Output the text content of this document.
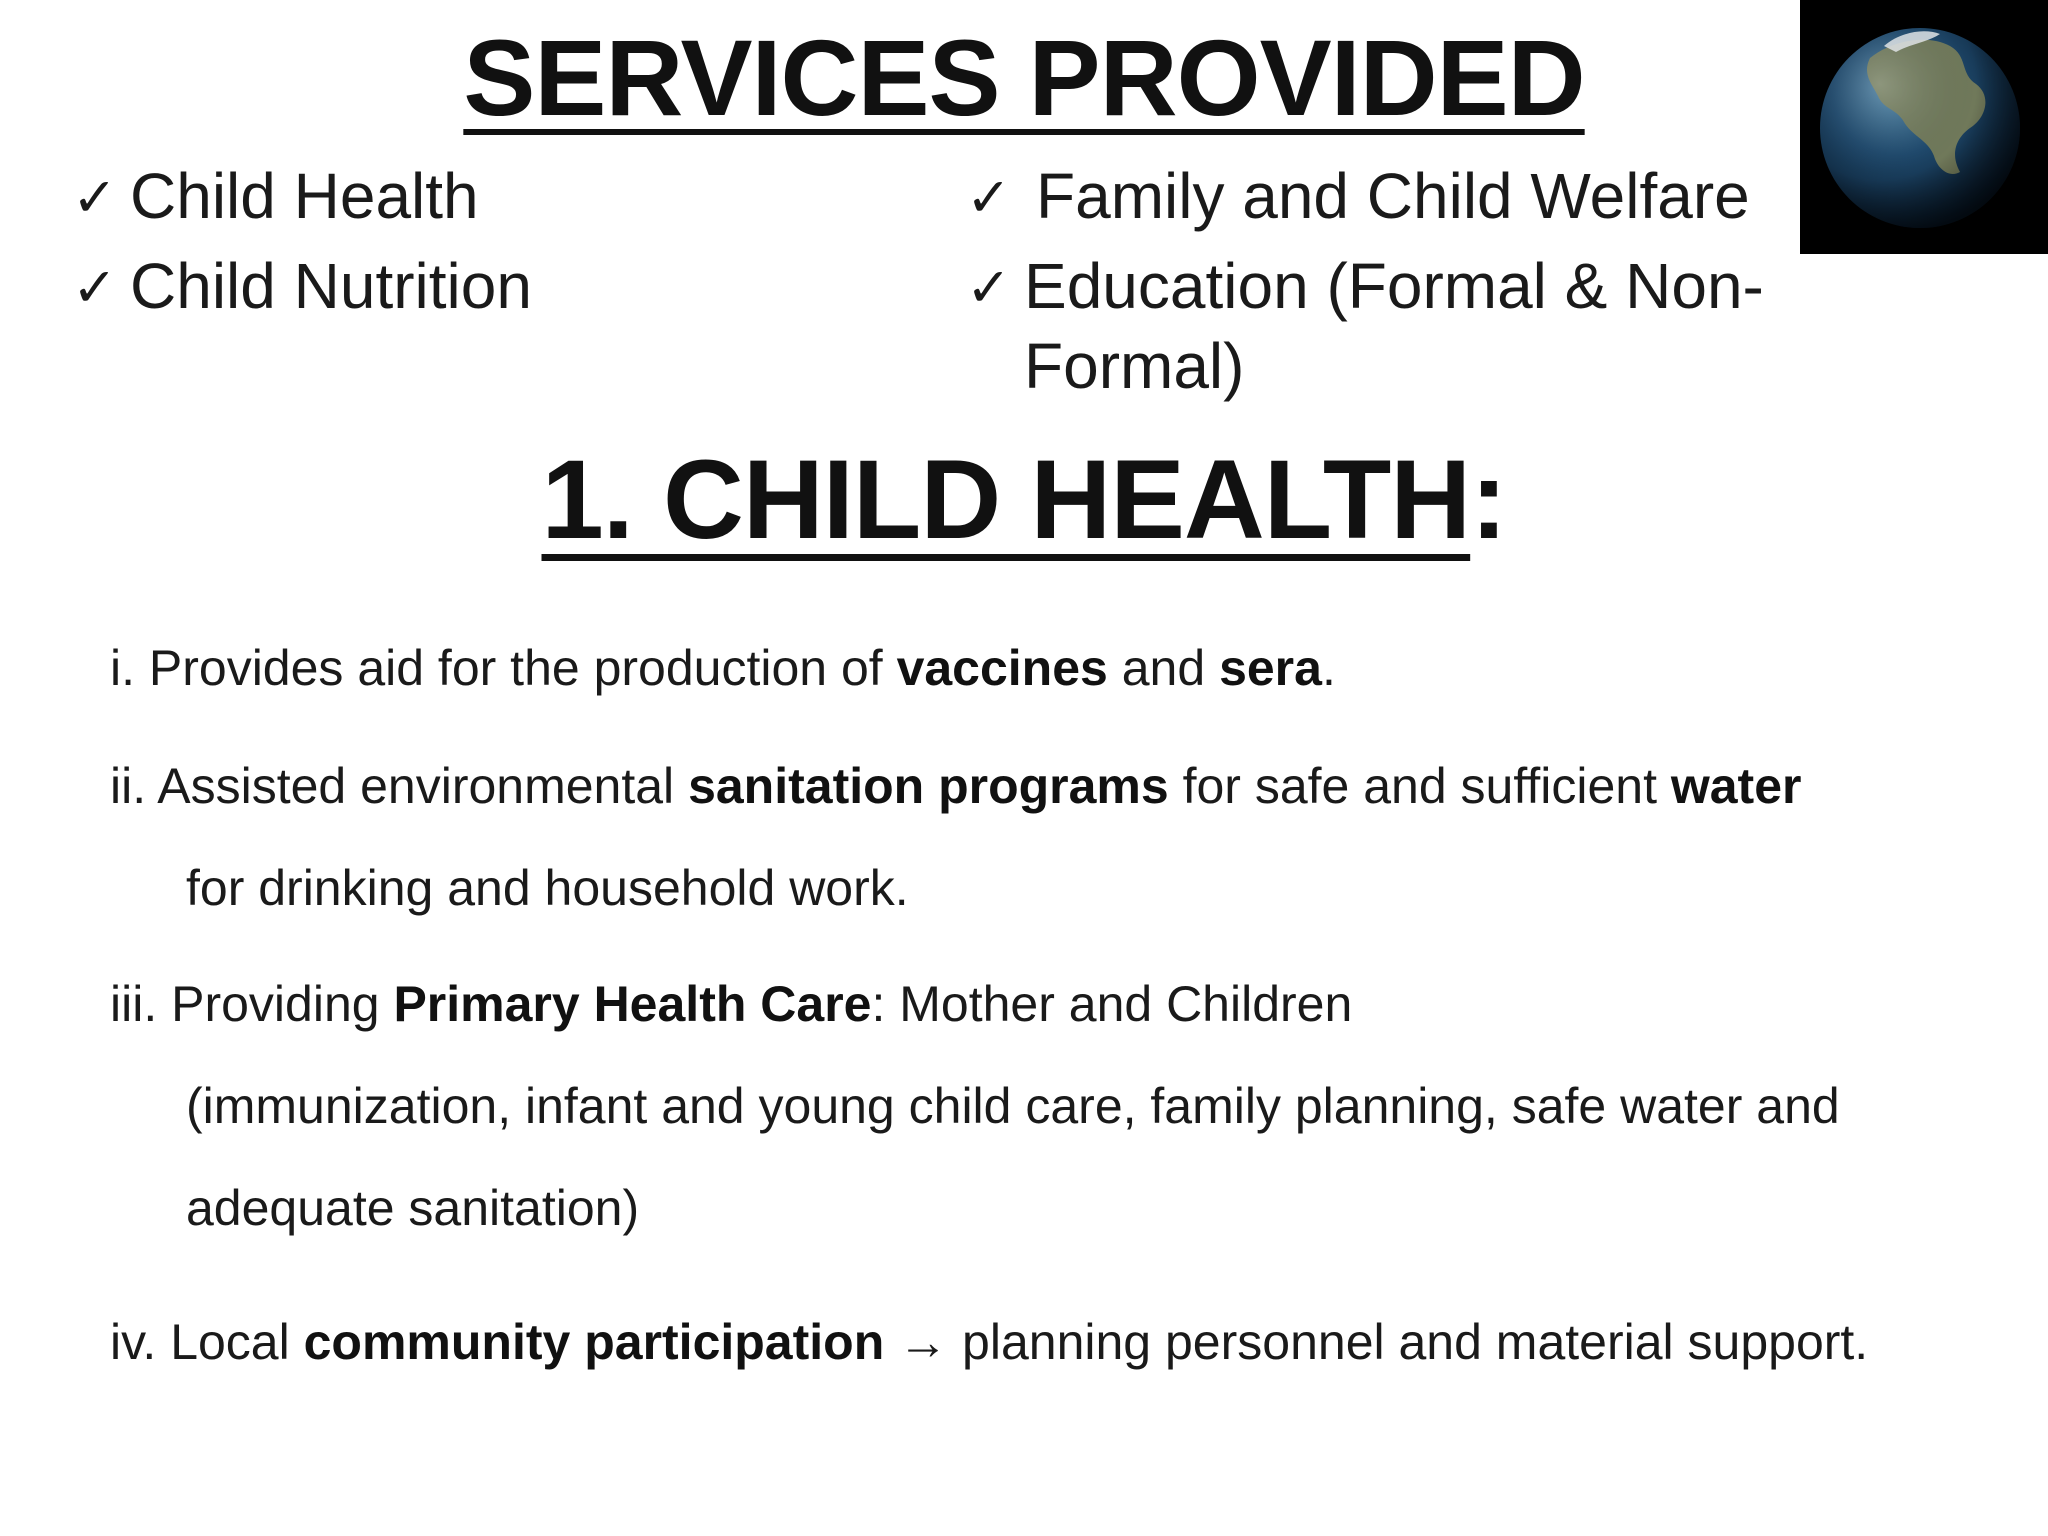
SERVICES PROVIDED
✓ Child Health
✓ Child Nutrition
✓ Family and Child Welfare
✓ Education (Formal & Non-Formal)
1. CHILD HEALTH:
i. Provides aid for the production of vaccines and sera.
ii. Assisted environmental sanitation programs for safe and sufficient water
for drinking and household work.
iii. Providing Primary Health Care: Mother and Children
(immunization, infant and young child care, family planning, safe water and
adequate sanitation)
iv. Local community participation → planning personnel and material support.
